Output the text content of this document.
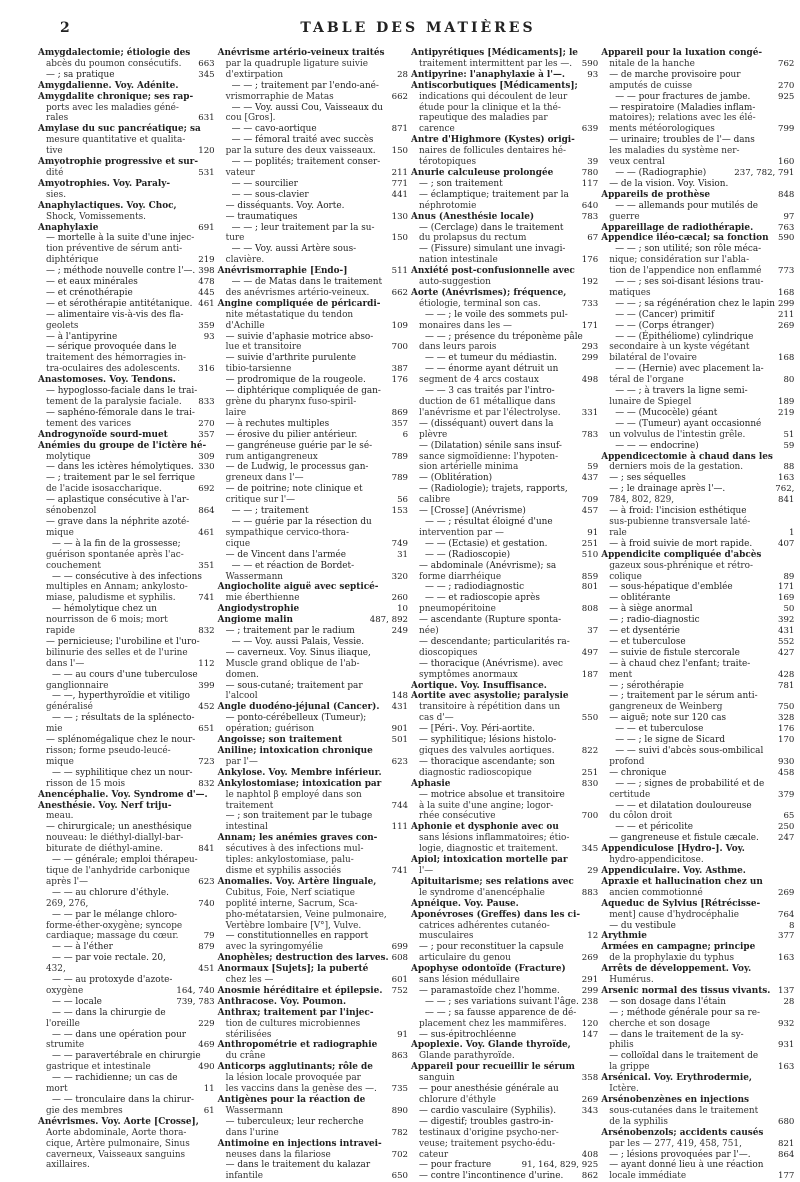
2	TABLE DES MATIÈRES
Amygdalectomie; étiologie des
abcès du poumon consécutifs.	663
— ; sa pratique	345
Amygdalienne. Voy. Adénite.
Amygdalite chronique; ses rap-
ports avec les maladies géné-
rales	631
Amylase du suc pancréatique; sa
mesure quantitative et qualita-
tive	120
Amyotrophie progressive et sur-
dité	531
Amyotrophies. Voy. Paraly-
sies.
Anaphylactiques. Voy. Choc,
Shock, Vomissements.
Anaphylaxie	691
— mortelle à la suite d'une injec-
tion préventive de sérum anti-
diphtérique	219
— ; méthode nouvelle contre l'—. 398
— et eaux minérales	478
— et crénothérapie	445
— et sérothérapie antitétanique. 461
— alimentaire vis-à-vis des fla-
geolets	359
— à l'antipyrine	93
— sérique provoquée dans le
traitement des hémorragies in-
tra-oculaires des adolescents.	316
Anastomoses. Voy. Tendons.
— hypoglosso-faciale dans le trai-
tement de la paralysie faciale.	833
— saphéno-fémorale dans le trai-
tement des varices	270
Androgynoïde sourd-muet	357
Anémies du groupe de l'ictère hé-
molytique	309
— dans les ictères hémolytiques. 330
— ; traitement par le sel ferrique
de l'acide isosaccharique.	692
— aplastique consécutive à l'ar-
sénobenzol	864
— grave dans la néphrite azoté-
mique	461
— — à la fin de la grossesse;
guérison spontanée après l'ac-
couchement	351
— — consécutive à des infections
multiples en Annam; ankylosto-
miase, paludisme et syphilis.	741
— hémolytique chez un
nourrisson de 6 mois; mort
rapide	832
— pernicieuse; l'urobiline et l'uro-
bilinurie des selles et de l'urine
dans l'—	112
— — au cours d'une tuberculose
ganglionnaire	399
— —, hyperthyroïdie et vitiligo
généralisé	452
— — ; résultats de la splénecto-
mie	651
— splénomégalique chez le nour-
risson; forme pseudo-leucé-
mique	723
— — syphilitique chez un nour-
risson de 15 mois	832
Anencéphalie. Voy. Syndrome d'—.
Anesthésie. Voy. Nerf triju-
meau.
— chirurgicale; un anesthésique
nouveau: le diéthyl-diallyl-bar-
biturate de diéthyl-amine.	841
— — générale; emploi thérapeu-
tique de l'anhydride carbonique
après l'—	623
— — au chlorure d'éthyle.
269, 276,	740
— — par le mélange chloro-
forme-éther-oxygène; syncope
cardiaque; massage du cœur.	79
— — à l'éther	879
— — par voie rectale. 20,
432,	451
— — au protoxyde d'azote-
oxygène	164, 740
— — locale	739, 783
— — dans la chirurgie de
l'oreille	229
— — dans une opération pour
strumite	469
— — paravertébrale en chirurgie
gastrique et intestinale	490
— — rachidienne; un cas de
mort	11
— — tronculaire dans la chirur-
gie des membres	61
Anévrismes. Voy. Aorte [Crosse],
Aorte abdominale, Aorte thora-
cique, Artère pulmonaire, Sinus
caverneux, Vaisseaux sanguins
axillaires.
Anévrisme artério-veineux traités
par la quadruple ligature suivie
d'extirpation	28
— — ; traitement par l'endo-ané-
vrismorraphie de Matas	662
— — Voy. aussi Cou, Vaisseaux du
cou [Gros].
— — cavo-aortique	871
— — fémoral traité avec succès
par la suture des deux vaisseaux.	150
— — poplités; traitement conser-
vateur	211
— — sourcilier	771
— — sous-clavier	441
— disséquants. Voy. Aorte.
— traumatiques	130
— — ; leur traitement par la su-
ture	150
— — Voy. aussi Artère sous-
clavière.
Anévrismorraphie [Endo-]	511
— — de Matas dans le traitement
des anévrismes artério-veineux.	662
Angine compliquée de péricardi-
nite métastatique du tendon
d'Achille	109
— suivie d'aphasie motrice abso-
lue et transitoire	700
— suivie d'arthrite purulente
tibio-tarsienne	387
— prodromique de la rougeole.	176
— diphtérique compliquée de gan-
grène du pharynx fuso-spiril-
laire	869
— à rechutes multiples	357
— érosive du pilier antérieur.	6
— gangréneuse guérie par le sé-
rum antigangreneux	789
— de Ludwig, le processus gan-
greneux dans l'—	789
— de poitrine; note clinique et
critique sur l'—	56
— — ; traitement	153
— — guérie par la résection du
sympathique cervico-thora-
cique	749
— de Vincent dans l'armée	31
— — et réaction de Bordet-
Wassermann	320
Angiocholite aiguë avec septicé-
mie éberthienne	260
Angiodystrophie	10
Angiome malin	487, 892
— ; traitement par le radium	249
— — Voy. aussi Palais, Vessie.
— caverneux. Voy. Sinus iliaque,
Muscle grand oblique de l'ab-
domen.
— sous-cutané; traitement par
l'alcool	148
Angle duodéno-jéjunal (Cancer).	431
— ponto-cérébelleux (Tumeur);
opération; guérison	901
Angoisse; son traitement	501
Aniline; intoxication chronique
par l'—	623
Ankylose. Voy. Membre inférieur.
Ankylostomiase; intoxication par
le naphtol β employé dans son
traitement	744
— ; son traitement par le tubage
intestinal	111
Annam; les anémies graves con-
sécutives à des infections mul-
tiples: ankylostomiase, palu-
disme et syphilis associés	741
Anomalies. Voy. Artère linguale,
Cubitus, Foie, Nerf sciatique
poplité interne, Sacrum, Sca-
pho-métatarsien, Veine pulmonaire,
Vertèbre lombaire [V°], Vulve.
— constitutionnelles en rapport
avec la syringomyélie	699
Anophèles; destruction des larves. 608
Anormaux [Sujets]; la puberté
chez les —	601
Anosmie héréditaire et épilepsie.	752
Anthracose. Voy. Poumon.
Anthrax; traitement par l'injec-
tion de cultures microbiennes
stérilisées	91
Anthropométrie et radiographie
du crâne	863
Anticorps agglutinants; rôle de
la lésion locale provoquée par
les vaccins dans la genèse des —.	735
Antigènes pour la réaction de
Wassermann	890
— tuberculeux; leur recherche
dans l'urine	782
Antimoine en injections intravei-
neuses dans la filariose	702
— dans le traitement du kalazar
infantile	650
Antipyrétiques [Médicaments]; le
traitement intermittent par les —.	590
Antipyrine: l'anaphylaxie à l'—.	93
Antiscorbutiques [Médicaments];
indications qui découlent de leur
étude pour la clinique et la thé-
rapeutique des maladies par
carence	639
Antre d'Highmore (Kystes) origi-
naires de follicules dentaires hé-
térotopiques	39
Anurie calculeuse prolongée	780
— ; son traitement	117
— éclamptique; traitement par la
néphrotomie	640
Anus (Anesthésie locale)	783
— (Cerclage) dans le traitement
du prolapsus du rectum	67
— (Fissure) simulant une invagi-
nation intestinale	176
Anxiété post-confusionnelle avec
auto-suggestion	192
Aorte (Anévrismes); fréquence,
étiologie, terminal son cas.	733
— — ; le voile des sommets pul-
monaires dans les —	171
— — ; présence du tréponème pâle
dans leurs parois	293
— — et tumeur du médiastin.	299
— — énorme ayant détruit un
segment de 4 arcs costaux	498
— — 3 cas traités par l'intro-
duction de 61 métallique dans
l'anévrisme et par l'électrolyse.	331
— (disséquant) ouvert dans la
plèvre	783
— (Dilatation) sénile sans insuf-
sance sigmoïdienne: l'hypoten-
sion artérielle minima	59
— (Oblitération)	437
— (Radiologie); trajets, rapports,
calibre	709
— [Crosse] (Anévrisme)	457
— — ; résultat éloigné d'une
intervention par —	91
— — (Ectasie) et gestation.	251
— — (Radioscopie)	510
— abdominale (Anévrisme); sa
forme diarrhéique	859
— — ; radiodiagnostic	801
— — et radioscopie après
pneumopéritoine	808
— ascendante (Rupture sponta-
née)	37
— descendante; particularités ra-
dioscopiques	497
— thoracique (Anévrisme). avec
symptômes anormaux	187
Aortique. Voy. Insuffisance.
Aortite avec asystolie; paralysie
transitoire à répétition dans un
cas d'—	550
— [Péri-. Voy. Péri-aortite.
— syphilitique; lésions histolo-
giques des valvules aortiques.	822
— thoracique ascendante; son
diagnostic radioscopique	251
Aphasie	830
— motrice absolue et transitoire
à la suite d'une angine; logor-
rhée consécutive	700
Aphonie et dysphonie avec ou
sans lésions inflammatoires; étio-
logie, diagnostic et traitement.	345
Apiol; intoxication mortelle par
l'—	29
Apituitarisme; ses relations avec
le syndrome d'anencéphalie	883
Apnéique. Voy. Pause.
Aponévroses (Greffes) dans les ci-
catrices adhérentes cutanéo-
musculaires	12
— ; pour reconstituer la capsule
articulaire du genou	269
Apophyse odontoïde (Fracture)
sans lésion médullaire	291
— paramastoïde chez l'homme.	299
— — ; ses variations suivant l'âge. 238
— — ; sa fausse apparence de dé-
placement chez les mammifères.	120
— sus-épitrochléenne	147
Apoplexie. Voy. Glande thyroïde,
Glande parathyroïde.
Appareil pour recueillir le sérum
sanguin	358
— pour anesthésie générale au
chlorure d'éthyle	269
— cardio vasculaire (Syphilis).	343
— digestif; troubles gastro-in-
testinaux d'origine psycho-ner-
veuse; traitement psycho-édu-
cateur	408
— pour fracture	91, 164, 829, 925
— contre l'incontinence d'urine.	862
Appareil pour la luxation congé-
nitale de la hanche	762
— de marche provisoire pour
amputés de cuisse	270
— — pour fractures de jambe.	925
— respiratoire (Maladies inflam-
matoires); relations avec les élé-
ments météorologiques	799
— urinaire; troubles de l'— dans
les maladies du système ner-
veux central	160
— — (Radiographie)	237, 782, 791
— de la vision. Voy. Vision.
Appareils de prothèse	848
— — allemands pour mutilés de
guerre	97
Appareillage de radiothérapie.	763
Appendice iléo-cæcal; sa fonction	590
— — ; son utilité; son rôle méca-
nique; considération sur l'abla-
tion de l'appendice non enflammé	773
— — ; ses soi-disant lésions trau-
matiques	168
— — ; sa régénération chez le lapin 299
— — (Cancer) primitif	211
— — (Corps étranger)	269
— — (Épithéliome) cylindrique
secondaire à un kyste végétant
bilatéral de l'ovaire	168
— — (Hernie) avec placement la-
téral de l'organe	80
— — ; à travers la ligne semi-
lunaire de Spiegel	189
— — (Mucocèle) géant	219
— — (Tumeur) ayant occasionné
un volvulus de l'intestin grêle.	51
— — — endocrine)	59
Appendicectomie à chaud dans les
derniers mois de la gestation.	88
— ; ses séquelles	163
— ; le drainage après l'—.	762,
784, 802, 829,	841
— à froid: l'incision esthétique
sus-pubienne transversale laté-
rale	1
— à froid suivie de mort rapide.	407
Appendicite compliquée d'abcès
gazeux sous-phrénique et rétro-
colique	89
— sous-hépatique d'emblée	171
— oblitérante	169
— à siège anormal	50
— ; radio-diagnostic	392
— et dysentérie	431
— et tuberculose	552
— suivie de fistule stercorale	427
— à chaud chez l'enfant; traite-
ment	428
— ; sérothérapie	781
— ; traitement par le sérum anti-
gangreneux de Weinberg	750
— aiguë; note sur 120 cas	328
— — et tuberculose	176
— — ; le signe de Sicard	170
— — suivi d'abcès sous-ombilical
profond	930
— chronique	458
— — ; signes de probabilité et de
certitude	379
— — et dilatation douloureuse
du côlon droit	65
— — et péricolite	250
— gangreneuse et fistule cæcale.	247
Appendiculose [Hydro-]. Voy.
hydro-appendicitose.
Appendiculaire. Voy. Asthme.
Apraxie et hallucination chez un
ancien commotionné	269
Aqueduc de Sylvius [Rétrécisse-
ment] cause d'hydrocéphalie	764
— du vestibule	8
Arythmie	377
Armées en campagne; principe
de la prophylaxie du typhus	163
Arrêts de développement. Voy.
Humérus.
Arsenic normal des tissus vivants. 137
— son dosage dans l'étain	28
— ; méthode générale pour sa re-
cherche et son dosage	932
— dans le traitement de la sy-
philis	931
— colloïdal dans le traitement de
la grippe	163
Arsénical. Voy. Erythrodermie,
Ictère.
Arsénobenzènes en injections
sous-cutanées dans le traitement
de la syphilis	680
Arsénobenzols; accidents causés
par les — 277, 419, 458, 751,	821
— ; lésions provoquées par l'—.	864
— ayant donné lieu à une réaction
locale immédiate	177
